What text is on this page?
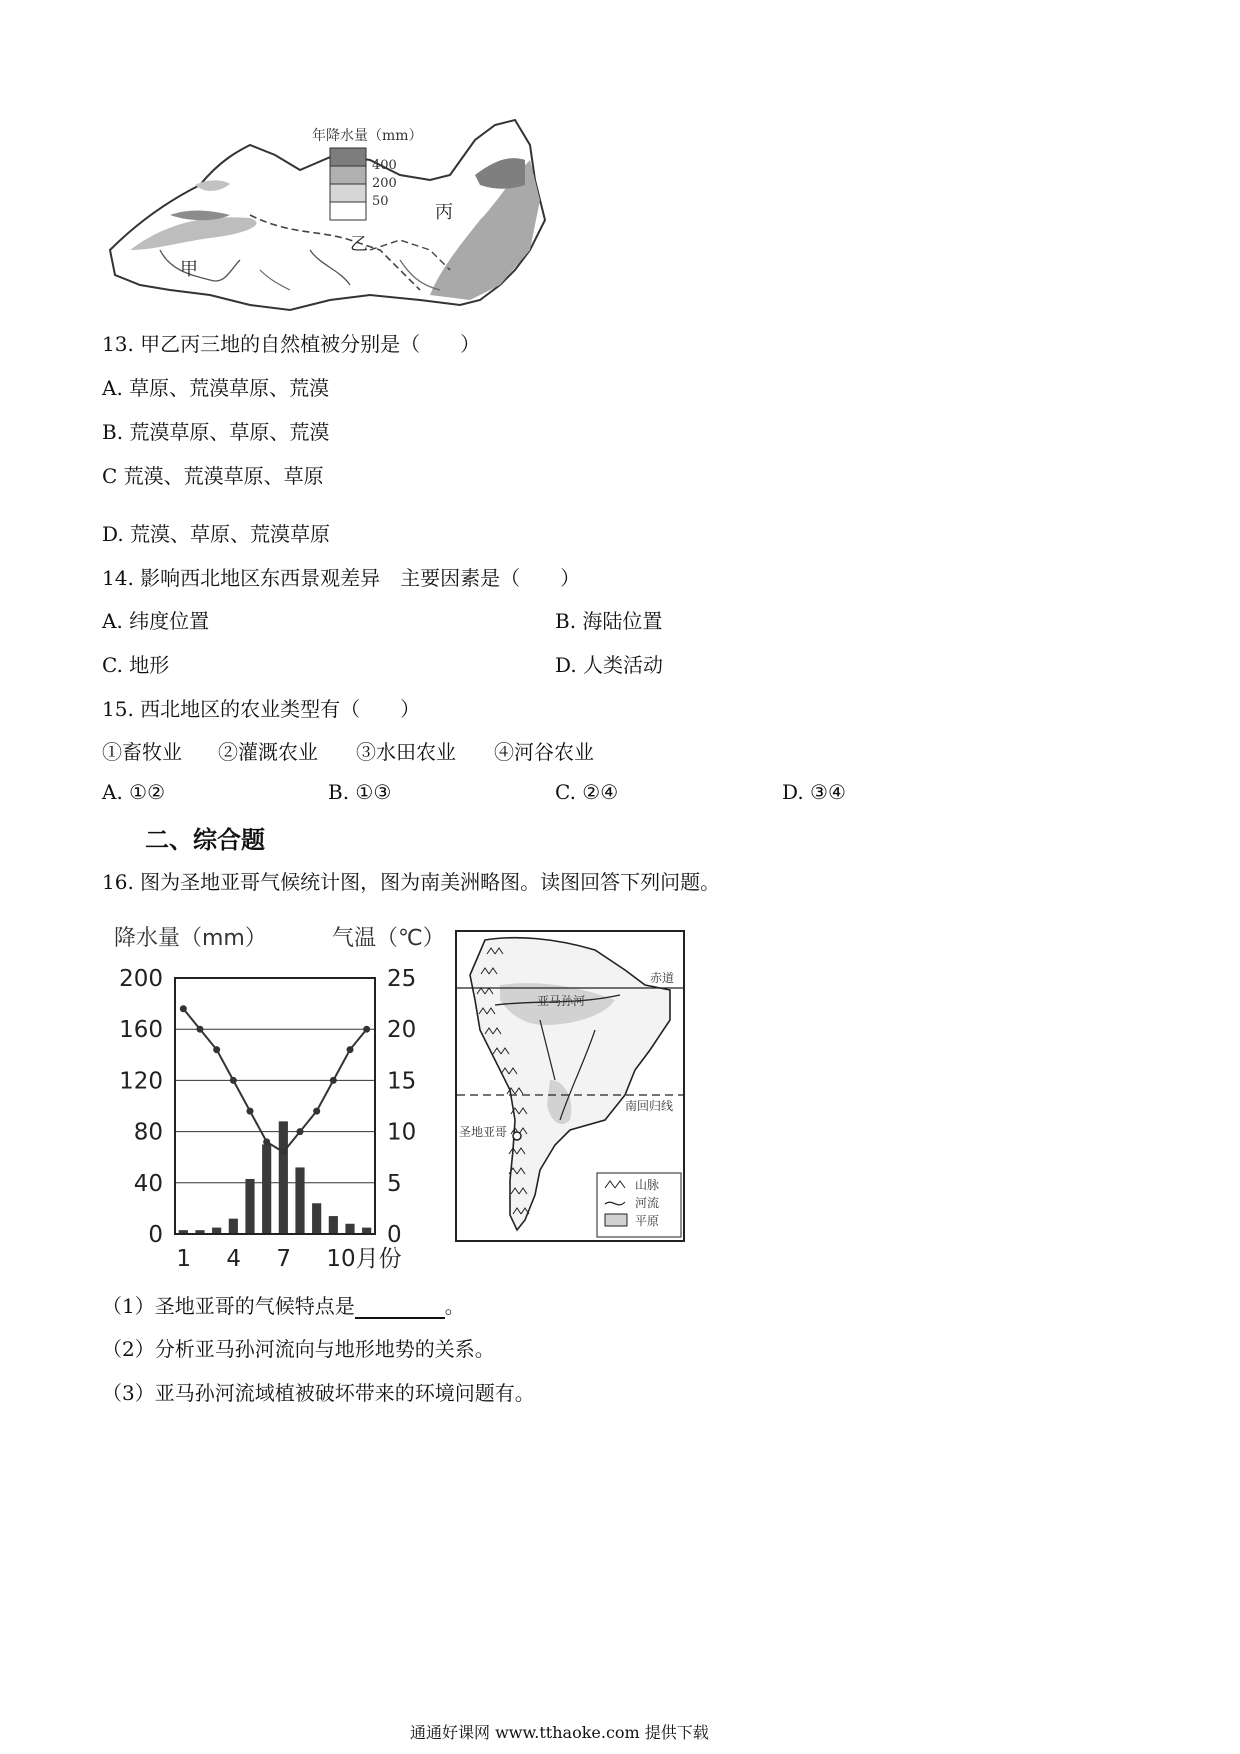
年降水量（mm）
400
200
50
甲
乙
丙
13. 甲乙丙三地的自然植被分别是（　　）
A. 草原、荒漠草原、荒漠
B. 荒漠草原、草原、荒漠
C 荒漠、荒漠草原、草原
D. 荒漠、草原、荒漠草原
14. 影响西北地区东西景观差异　主要因素是（　　）
A. 纬度位置	B. 海陆位置
C. 地形	D. 人类活动
15. 西北地区的农业类型有（　　）
①畜牧业 ②灌溉农业 ③水田农业 ④河谷农业
A. ①②	B. ①③	C. ②④	D. ③④
二、综合题
16. 图为圣地亚哥气候统计图，图为南美洲略图。读图回答下列问题。
降水量（mm）	气温（℃）
200
160
120
80
40
0
25
20
15
10
5
0
1 4 7 10月份
赤道
南回归线
亚马孙河
圣地亚哥
山脉
河流
平原
（1）圣地亚哥的气候特点是	。
（2）分析亚马孙河流向与地形地势的关系。
（3）亚马孙河流域植被破坏带来的环境问题有。
通通好课网 www.tthaoke.com 提供下载
